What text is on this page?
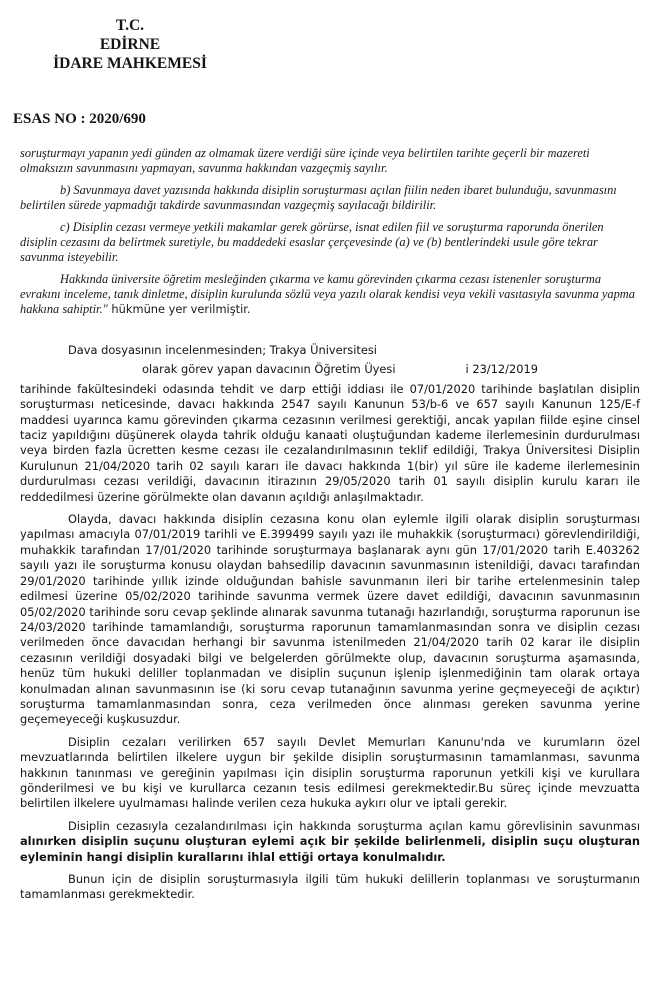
T.C.
EDİRNE
İDARE MAHKEMESİ
ESAS NO : 2020/690

soruşturmayı yapanın yedi günden az olmamak üzere verdiği süre içinde veya belirtilen tarihte geçerli bir mazereti olmaksızın savunmasını yapmayan, savunma hakkından vazgeçmiş sayılır.

b) Savunmaya davet yazısında hakkında disiplin soruşturması açılan fiilin neden ibaret bulunduğu, savunmasını belirtilen sürede yapmadığı takdirde savunmasından vazgeçmiş sayılacağı bildirilir.

c) Disiplin cezası vermeye yetkili makamlar gerek görürse, isnat edilen fiil ve soruşturma raporunda önerilen disiplin cezasını da belirtmek suretiyle, bu maddedeki esaslar çerçevesinde (a) ve (b) bentlerindeki usule göre tekrar savunma isteyebilir.

Hakkında üniversite öğretim mesleğinden çıkarma ve kamu görevinden çıkarma cezası istenenler soruşturma evrakını inceleme, tanık dinletme, disiplin kurulunda sözlü veya yazılı olarak kendisi veya vekili vasıtasıyla savunma yapma hakkına sahiptir." hükmüne yer verilmiştir.

Dava dosyasının incelenmesinden; Trakya Üniversitesi

olarak görev yapan davacının Öğretim Üyesi	i 23/12/2019

tarihinde fakültesindeki odasında tehdit ve darp ettiği iddiası ile 07/01/2020 tarihinde başlatılan disiplin soruşturması neticesinde, davacı hakkında 2547 sayılı Kanunun 53/b-6 ve 657 sayılı Kanunun 125/E-f maddesi uyarınca kamu görevinden çıkarma cezasının verilmesi gerektiği, ancak yapılan fiilde eşine cinsel taciz yapıldığını düşünerek olayda tahrik olduğu kanaati oluştuğundan kademe ilerlemesinin durdurulması veya birden fazla ücretten kesme cezası ile cezalandırılmasının teklif edildiği, Trakya Üniversitesi Disiplin Kurulunun 21/04/2020 tarih 02 sayılı kararı ile davacı hakkında 1(bir) yıl süre ile kademe ilerlemesinin durdurulması cezası verildiği, davacının itirazının 29/05/2020 tarih 01 sayılı disiplin kurulu kararı ile reddedilmesi üzerine görülmekte olan davanın açıldığı anlaşılmaktadır.

Olayda, davacı hakkında disiplin cezasına konu olan eylemle ilgili olarak disiplin soruşturması yapılması amacıyla 07/01/2019 tarihli ve E.399499 sayılı yazı ile muhakkik (soruşturmacı) görevlendirildiği, muhakkik tarafından 17/01/2020 tarihinde soruşturmaya başlanarak aynı gün 17/01/2020 tarih E.403262 sayılı yazı ile soruşturma konusu olaydan bahsedilip davacının savunmasının istenildiği, davacı tarafından 29/01/2020 tarihinde yıllık izinde olduğundan bahisle savunmanın ileri bir tarihe ertelenmesinin talep edilmesi üzerine 05/02/2020 tarihinde savunma vermek üzere davet edildiği, davacının savunmasının 05/02/2020 tarihinde soru cevap şeklinde alınarak savunma tutanağı hazırlandığı, soruşturma raporunun ise 24/03/2020 tarihinde tamamlandığı, soruşturma raporunun tamamlanmasından sonra ve disiplin cezası verilmeden önce davacıdan herhangi bir savunma istenilmeden 21/04/2020 tarih 02 karar ile disiplin cezasının verildiği dosyadaki bilgi ve belgelerden görülmekte olup, davacının soruşturma aşamasında, henüz tüm hukuki deliller toplanmadan ve disiplin suçunun işlenip işlenmediğinin tam olarak ortaya konulmadan alınan savunmasının ise (ki soru cevap tutanağının savunma yerine geçmeyeceği de açıktır) soruşturma tamamlanmasından sonra, ceza verilmeden önce alınması gereken savunma yerine geçemeyeceği kuşkusuzdur.

Disiplin cezaları verilirken 657 sayılı Devlet Memurları Kanunu'nda ve kurumların özel mevzuatlarında belirtilen ilkelere uygun bir şekilde disiplin soruşturmasının tamamlanması, savunma hakkının tanınması ve gereğinin yapılması için disiplin soruşturma raporunun yetkili kişi ve kurullara gönderilmesi ve bu kişi ve kurullarca cezanın tesis edilmesi gerekmektedir.Bu süreç içinde mevzuatta belirtilen ilkelere uyulmaması halinde verilen ceza hukuka aykırı olur ve iptali gerekir.

Disiplin cezasıyla cezalandırılması için hakkında soruşturma açılan kamu görevlisinin savunması alınırken disiplin suçunu oluşturan eylemi açık bir şekilde belirlenmeli, disiplin suçu oluşturan eyleminin hangi disiplin kurallarını ihlal ettiği ortaya konulmalıdır.

Bunun için de disiplin soruşturmasıyla ilgili tüm hukuki delillerin toplanması ve soruşturmanın tamamlanması gerekmektedir.
